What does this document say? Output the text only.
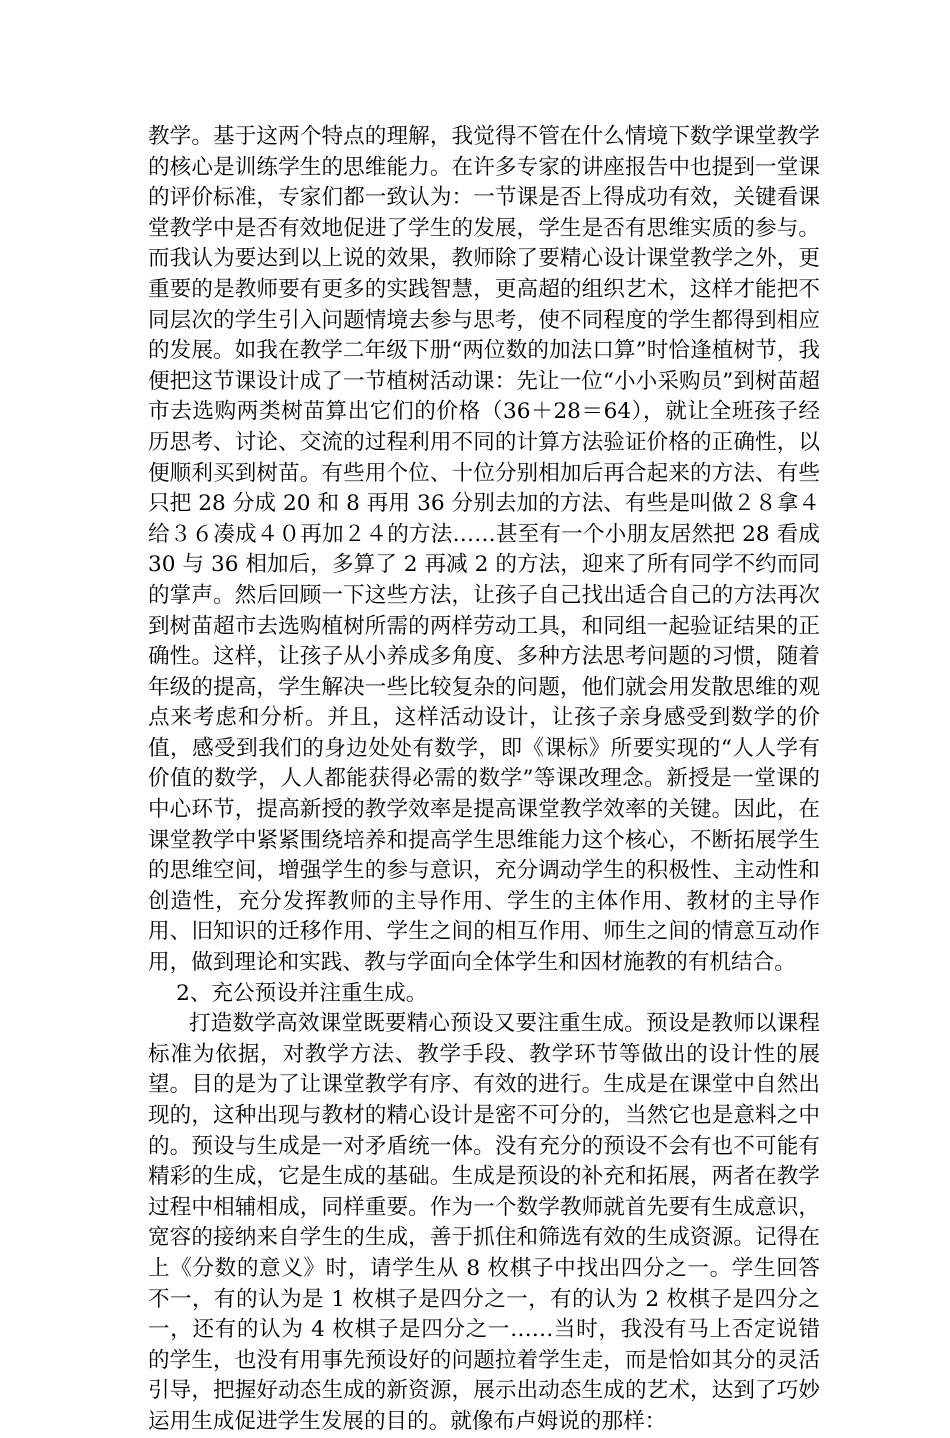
教学。基于这两个特点的理解，我觉得不管在什么情境下数学课堂教学的核心是训练学生的思维能力。在许多专家的讲座报告中也提到一堂课的评价标准，专家们都一致认为：一节课是否上得成功有效，关键看课堂教学中是否有效地促进了学生的发展，学生是否有思维实质的参与。而我认为要达到以上说的效果，教师除了要精心设计课堂教学之外，更重要的是教师要有更多的实践智慧，更高超的组织艺术，这样才能把不同层次的学生引入问题情境去参与思考，使不同程度的学生都得到相应的发展。如我在教学二年级下册“两位数的加法口算”时恰逢植树节，我便把这节课设计成了一节植树活动课：先让一位“小小采购员”到树苗超市去选购两类树苗算出它们的价格（36＋28＝64），就让全班孩子经历思考、讨论、交流的过程利用不同的计算方法验证价格的正确性，以便顺利买到树苗。有些用个位、十位分别相加后再合起来的方法、有些只把 28 分成 20 和 8 再用 36 分别去加的方法、有些是叫做２８拿４给３６凑成４０再加２４的方法……甚至有一个小朋友居然把 28 看成 30 与 36 相加后，多算了 2 再减 2 的方法，迎来了所有同学不约而同的掌声。然后回顾一下这些方法，让孩子自己找出适合自己的方法再次到树苗超市去选购植树所需的两样劳动工具，和同组一起验证结果的正确性。这样，让孩子从小养成多角度、多种方法思考问题的习惯，随着年级的提高，学生解决一些比较复杂的问题，他们就会用发散思维的观点来考虑和分析。并且，这样活动设计，让孩子亲身感受到数学的价值，感受到我们的身边处处有数学，即《课标》所要实现的“人人学有价值的数学，人人都能获得必需的数学”等课改理念。新授是一堂课的中心环节，提高新授的教学效率是提高课堂教学效率的关键。因此，在课堂教学中紧紧围绕培养和提高学生思维能力这个核心，不断拓展学生的思维空间，增强学生的参与意识，充分调动学生的积极性、主动性和创造性，充分发挥教师的主导作用、学生的主体作用、教材的主导作用、旧知识的迁移作用、学生之间的相互作用、师生之间的情意互动作用，做到理论和实践、教与学面向全体学生和因材施教的有机结合。

2、充公预设并注重生成。

打造数学高效课堂既要精心预设又要注重生成。预设是教师以课程标准为依据，对教学方法、教学手段、教学环节等做出的设计性的展望。目的是为了让课堂教学有序、有效的进行。生成是在课堂中自然出现的，这种出现与教材的精心设计是密不可分的，当然它也是意料之中的。预设与生成是一对矛盾统一体。没有充分的预设不会有也不可能有精彩的生成，它是生成的基础。生成是预设的补充和拓展，两者在教学过程中相辅相成，同样重要。作为一个数学教师就首先要有生成意识，宽容的接纳来自学生的生成，善于抓住和筛选有效的生成资源。记得在上《分数的意义》时，请学生从 8 枚棋子中找出四分之一。学生回答不一，有的认为是 1 枚棋子是四分之一，有的认为 2 枚棋子是四分之一，还有的认为 4 枚棋子是四分之一……当时，我没有马上否定说错的学生，也没有用事先预设好的问题拉着学生走，而是恰如其分的灵活引导，把握好动态生成的新资源，展示出动态生成的艺术，达到了巧妙运用生成促进学生发展的目的。就像布卢姆说的那样：
